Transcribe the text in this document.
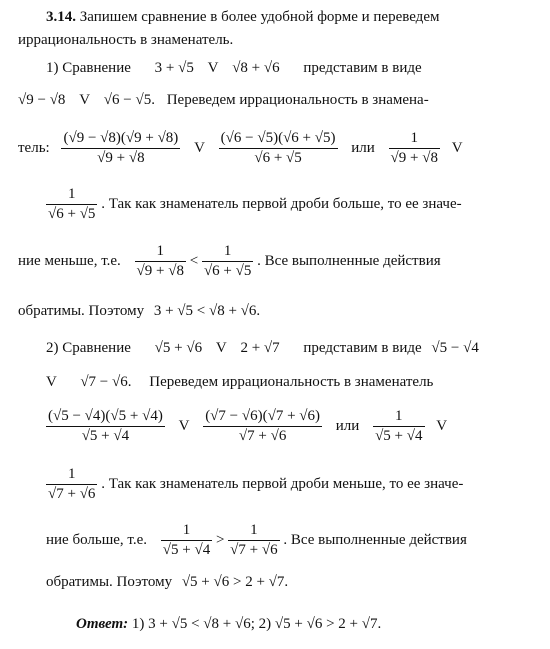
3.14. Запишем сравнение в более удобной форме и переведем
иррациональность в знаменатель.
1) Сравнение 3 + √5 V √8 + √6 представим в виде
√9 − √8 V √6 − √5. Переведем иррациональность в знамена-
тель: $\frac{(√9 - √8)(√9 + √8)}{√9 + √8}$ V $\frac{(√6 - √5)(√6 + √5)}{√6 + √5}$ или $\frac{1}{√9 + √8}$ V
$\frac{1}{√6 + √5}$ . Так как знаменатель первой дроби больше, то ее значе-
ние меньше, т.е. $\frac{1}{√9 + √8} < \frac{1}{√6 + √5}$ . Все выполненные действия
обратимы. Поэтому 3 + √5 < √8 + √6.
2) Сравнение √5 + √6 V 2 + √7 представим в виде √5 − √4
V √7 − √6. Переведем иррациональность в знаменатель
$\frac{(√5 - √4)(√5 + √4)}{√5 + √4}$ V $\frac{(√7 - √6)(√7 + √6)}{√7 + √6}$ или $\frac{1}{√5 + √4}$ V
$\frac{1}{√7 + √6}$ . Так как знаменатель первой дроби меньше, то ее значе-
ние больше, т.е. $\frac{1}{√5 + √4} > \frac{1}{√7 + √6}$ . Все выполненные действия
обратимы. Поэтому √5 + √6 > 2 + √7.
Ответ: 1) 3 + √5 < √8 + √6; 2) √5 + √6 > 2 + √7.
